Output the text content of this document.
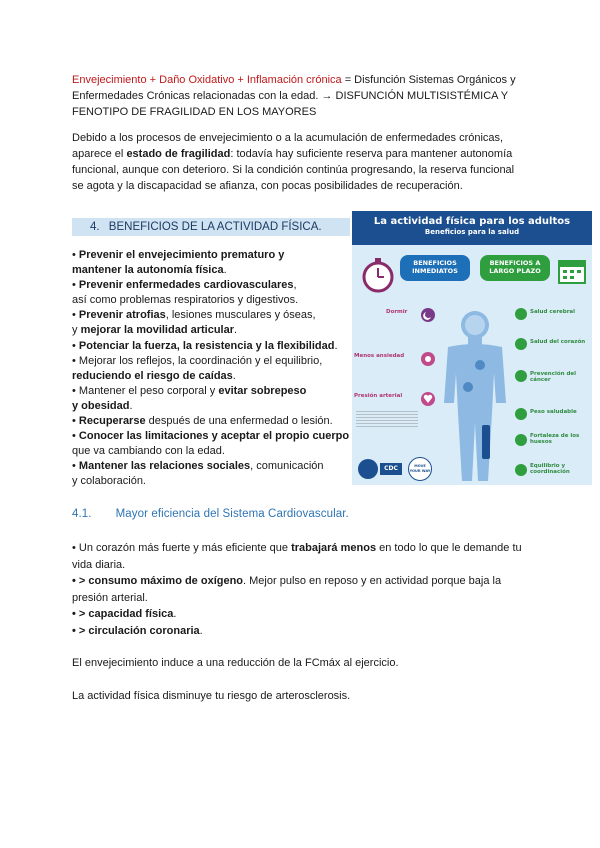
Envejecimiento + Daño Oxidativo + Inflamación crónica = Disfunción Sistemas Orgánicos y
Enfermedades Crónicas relacionadas con la edad. → DISFUNCIÓN MULTISISTÉMICA Y
FENOTIPO DE FRAGILIDAD EN LOS MAYORES
Debido a los procesos de envejecimiento o a la acumulación de enfermedades crónicas,
aparece el estado de fragilidad: todavía hay suficiente reserva para mantener autonomía
funcional, aunque con deterioro. Si la condición continúa progresando, la reserva funcional
se agota y la discapacidad se afianza, con pocas posibilidades de recuperación.
4. BENEFICIOS DE LA ACTIVIDAD FÍSICA.
• Prevenir el envejecimiento prematuro y
mantener la autonomía física.
• Prevenir enfermedades cardiovasculares,
así como problemas respiratorios y digestivos.
• Prevenir atrofias, lesiones musculares y óseas,
y mejorar la movilidad articular.
• Potenciar la fuerza, la resistencia y la flexibilidad.
• Mejorar los reflejos, la coordinación y el equilibrio,
reduciendo el riesgo de caídas.
• Mantener el peso corporal y evitar sobrepeso
y obesidad.
• Recuperarse después de una enfermedad o lesión.
• Conocer las limitaciones y aceptar el propio cuerpo
que va cambiando con la edad.
• Mantener las relaciones sociales, comunicación
y colaboración.
La actividad física para los adultos
Beneficios para la salud
BENEFICIOS INMEDIATOS
BENEFICIOS A LARGO PLAZO
Dormir

Menos ansiedad
Presión arterial
Salud cerebral
Salud del corazón
Prevención del cáncer
Peso saludable
Fortaleza de los huesos
Equilibrio y coordinación
CDC	MOVE YOUR WAY
4.1. Mayor eficiencia del Sistema Cardiovascular.
• Un corazón más fuerte y más eficiente que trabajará menos en todo lo que le demande tu vida diaria.
• > consumo máximo de oxígeno. Mejor pulso en reposo y en actividad porque baja la presión arterial.
• > capacidad física.
• > circulación coronaria.
El envejecimiento induce a una reducción de la FCmáx al ejercicio.
La actividad física disminuye tu riesgo de arterosclerosis.
